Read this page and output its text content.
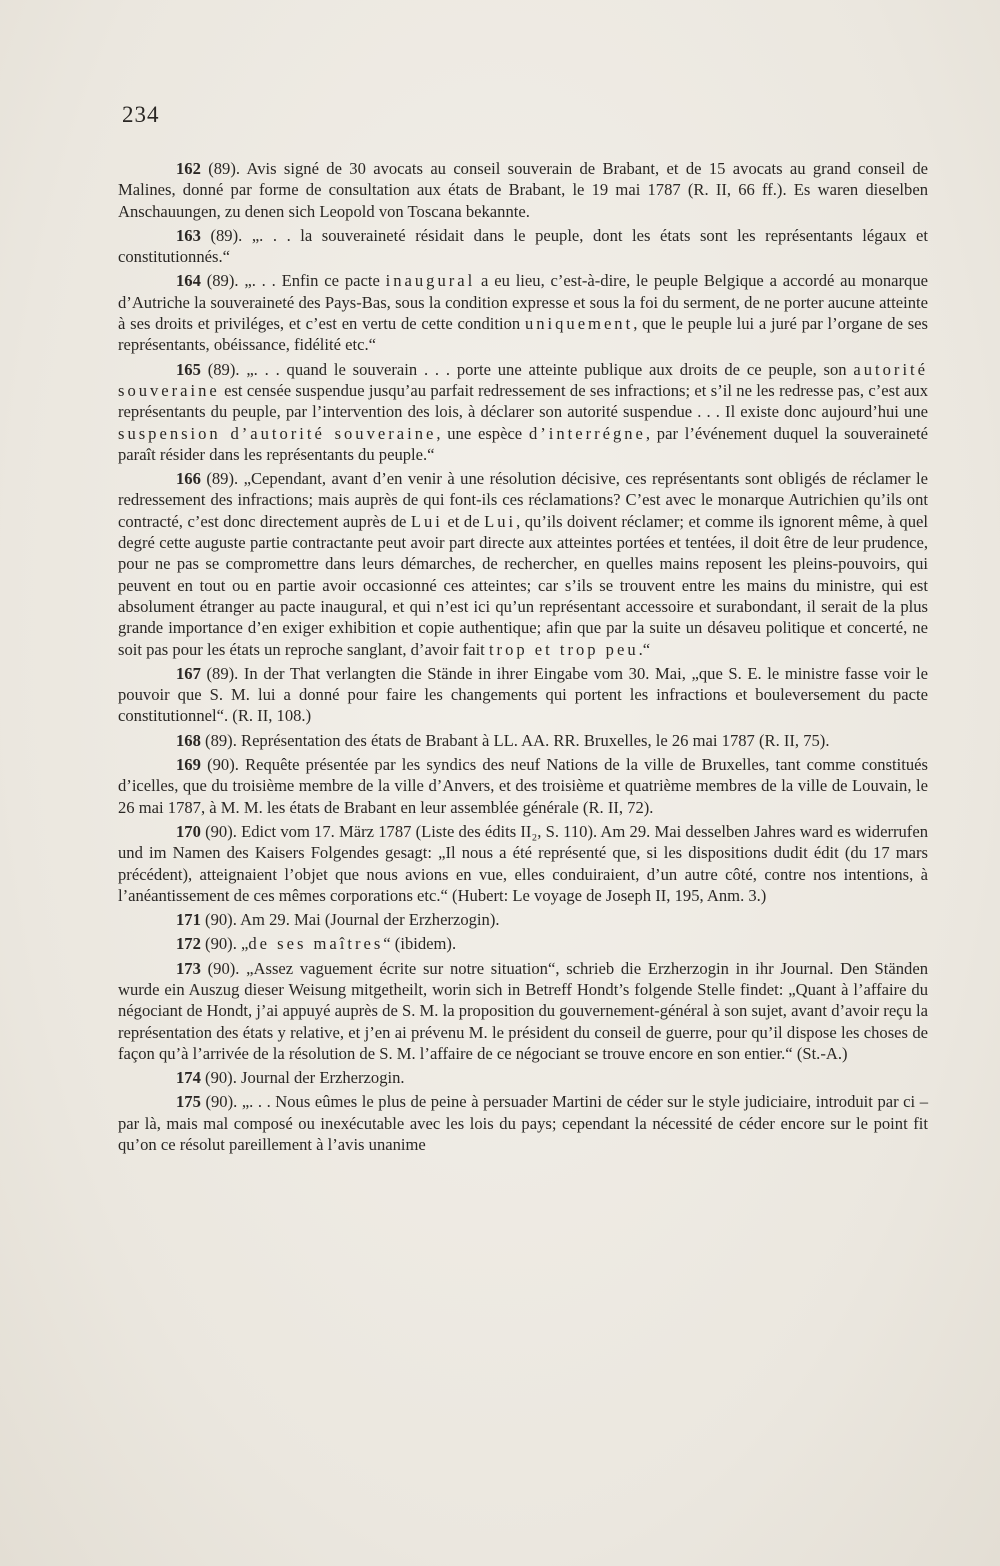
234

162 (89). Avis signé de 30 avocats au conseil souverain de Brabant, et de 15 avocats au grand conseil de Malines, donné par forme de consultation aux états de Brabant, le 19 mai 1787 (R. II, 66 ff.). Es waren dieselben Anschauungen, zu denen sich Leopold von Toscana bekannte.

163 (89). „. . . la souveraineté résidait dans le peuple, dont les états sont les représentants légaux et constitutionnés.“

164 (89). „. . . Enfin ce pacte inaugural a eu lieu, c’est-à-dire, le peuple Belgique a accordé au monarque d’Autriche la souveraineté des Pays-Bas, sous la condition expresse et sous la foi du serment, de ne porter aucune atteinte à ses droits et priviléges, et c’est en vertu de cette condition uniquement, que le peuple lui a juré par l’organe de ses représentants, obéissance, fidélité etc.“

165 (89). „. . . quand le souverain . . . porte une atteinte publique aux droits de ce peuple, son autorité souveraine est censée suspendue jusqu’au parfait redressement de ses infractions; et s’il ne les redresse pas, c’est aux représentants du peuple, par l’intervention des lois, à déclarer son autorité suspendue . . . Il existe donc aujourd’hui une suspension d’autorité souveraine, une espèce d’interrégne, par l’événement duquel la souveraineté paraît résider dans les représentants du peuple.“

166 (89). „Cependant, avant d’en venir à une résolution décisive, ces représentants sont obligés de réclamer le redressement des infractions; mais auprès de qui font-ils ces réclamations? C’est avec le monarque Autrichien qu’ils ont contracté, c’est donc directement auprès de Lui et de Lui, qu’ils doivent réclamer; et comme ils ignorent même, à quel degré cette auguste partie contractante peut avoir part directe aux atteintes portées et tentées, il doit être de leur prudence, pour ne pas se compromettre dans leurs démarches, de rechercher, en quelles mains reposent les pleins-pouvoirs, qui peuvent en tout ou en partie avoir occasionné ces atteintes; car s’ils se trouvent entre les mains du ministre, qui est absolument étranger au pacte inaugural, et qui n’est ici qu’un représentant accessoire et surabondant, il serait de la plus grande importance d’en exiger exhibition et copie authentique; afin que par la suite un désaveu politique et concerté, ne soit pas pour les états un reproche sanglant, d’avoir fait trop et trop peu.“

167 (89). In der That verlangten die Stände in ihrer Eingabe vom 30. Mai, „que S. E. le ministre fasse voir le pouvoir que S. M. lui a donné pour faire les changements qui portent les infractions et bouleversement du pacte constitutionnel“. (R. II, 108.)

168 (89). Représentation des états de Brabant à LL. AA. RR. Bruxelles, le 26 mai 1787 (R. II, 75).

169 (90). Requête présentée par les syndics des neuf Nations de la ville de Bruxelles, tant comme constitués d’icelles, que du troisième membre de la ville d’Anvers, et des troisième et quatrième membres de la ville de Louvain, le 26 mai 1787, à M. M. les états de Brabant en leur assemblée générale (R. II, 72).

170 (90). Edict vom 17. März 1787 (Liste des édits II₂, S. 110). Am 29. Mai desselben Jahres ward es widerrufen und im Namen des Kaisers Folgendes gesagt: „Il nous a été représenté que, si les dispositions dudit édit (du 17 mars précédent), atteignaient l’objet que nous avions en vue, elles conduiraient, d’un autre côté, contre nos intentions, à l’anéantissement de ces mêmes corporations etc.“ (Hubert: Le voyage de Joseph II, 195, Anm. 3.)

171 (90). Am 29. Mai (Journal der Erzherzogin).

172 (90). „de ses maîtres“ (ibidem).

173 (90). „Assez vaguement écrite sur notre situation“, schrieb die Erzherzogin in ihr Journal. Den Ständen wurde ein Auszug dieser Weisung mitgetheilt, worin sich in Betreff Hondt’s folgende Stelle findet: „Quant à l’affaire du négociant de Hondt, j’ai appuyé auprès de S. M. la proposition du gouvernement-général à son sujet, avant d’avoir reçu la représentation des états y relative, et j’en ai prévenu M. le président du conseil de guerre, pour qu’il dispose les choses de façon qu’à l’arrivée de la résolution de S. M. l’affaire de ce négociant se trouve encore en son entier.“ (St.-A.)

174 (90). Journal der Erzherzogin.

175 (90). „. . . Nous eûmes le plus de peine à persuader Martini de céder sur le style judiciaire, introduit par ci – par là, mais mal composé ou inexécutable avec les lois du pays; cependant la nécessité de céder encore sur le point fit qu’on ce résolut pareillement à l’avis unanime
